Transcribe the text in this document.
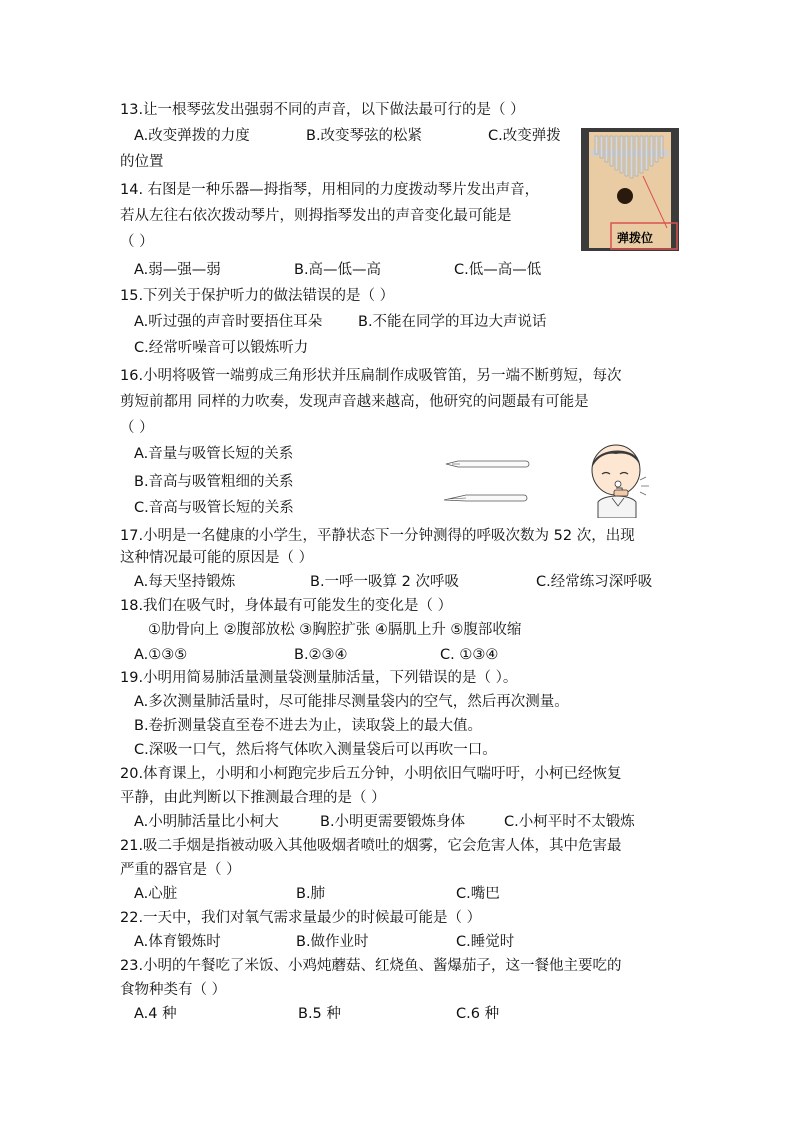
13.让一根琴弦发出强弱不同的声音，以下做法最可行的是（ ）
A.改变弹拨的力度	B.改变琴弦的松紧	C.改变弹拨
的位置
弹拨位
14. 右图是一种乐器—拇指琴，用相同的力度拨动琴片发出声音，
若从左往右依次拨动琴片，则拇指琴发出的声音变化最可能是
（ ）
A.弱—强—弱	B.高—低—高	C.低—高—低
15.下列关于保护听力的做法错误的是（ ）
A.听过强的声音时要捂住耳朵 B.不能在同学的耳边大声说话
C.经常听噪音可以锻炼听力
16.小明将吸管一端剪成三角形状并压扁制作成吸管笛，另一端不断剪短，每次
剪短前都用 同样的力吹奏，发现声音越来越高，他研究的问题最有可能是
（ ）
A.音量与吸管长短的关系
B.音高与吸管粗细的关系
C.音高与吸管长短的关系
17.小明是一名健康的小学生，平静状态下一分钟测得的呼吸次数为 52 次，出现
这种情况最可能的原因是（ ）
A.每天坚持锻炼	B.一呼一吸算 2 次呼吸	C.经常练习深呼吸
18.我们在吸气时，身体最有可能发生的变化是（ ）
①肋骨向上 ②腹部放松 ③胸腔扩张 ④膈肌上升 ⑤腹部收缩
A.①③⑤	B.②③④	C. ①③④
19.小明用简易肺活量测量袋测量肺活量，下列错误的是（ ）。
A.多次测量肺活量时，尽可能排尽测量袋内的空气，然后再次测量。
B.卷折测量袋直至卷不进去为止，读取袋上的最大值。
C.深吸一口气，然后将气体吹入测量袋后可以再吹一口。
20.体育课上，小明和小柯跑完步后五分钟，小明依旧气喘吁吁，小柯已经恢复
平静，由此判断以下推测最合理的是（ ）
A.小明肺活量比小柯大	B.小明更需要锻炼身体	C.小柯平时不太锻炼
21.吸二手烟是指被动吸入其他吸烟者喷吐的烟雾，它会危害人体，其中危害最
严重的器官是（ ）
A.心脏	B.肺	C.嘴巴
22.一天中，我们对氧气需求量最少的时候最可能是（ ）
A.体育锻炼时	B.做作业时	C.睡觉时
23.小明的午餐吃了米饭、小鸡炖蘑菇、红烧鱼、酱爆茄子，这一餐他主要吃的
食物种类有（ ）
A.4 种	B.5 种	C.6 种
